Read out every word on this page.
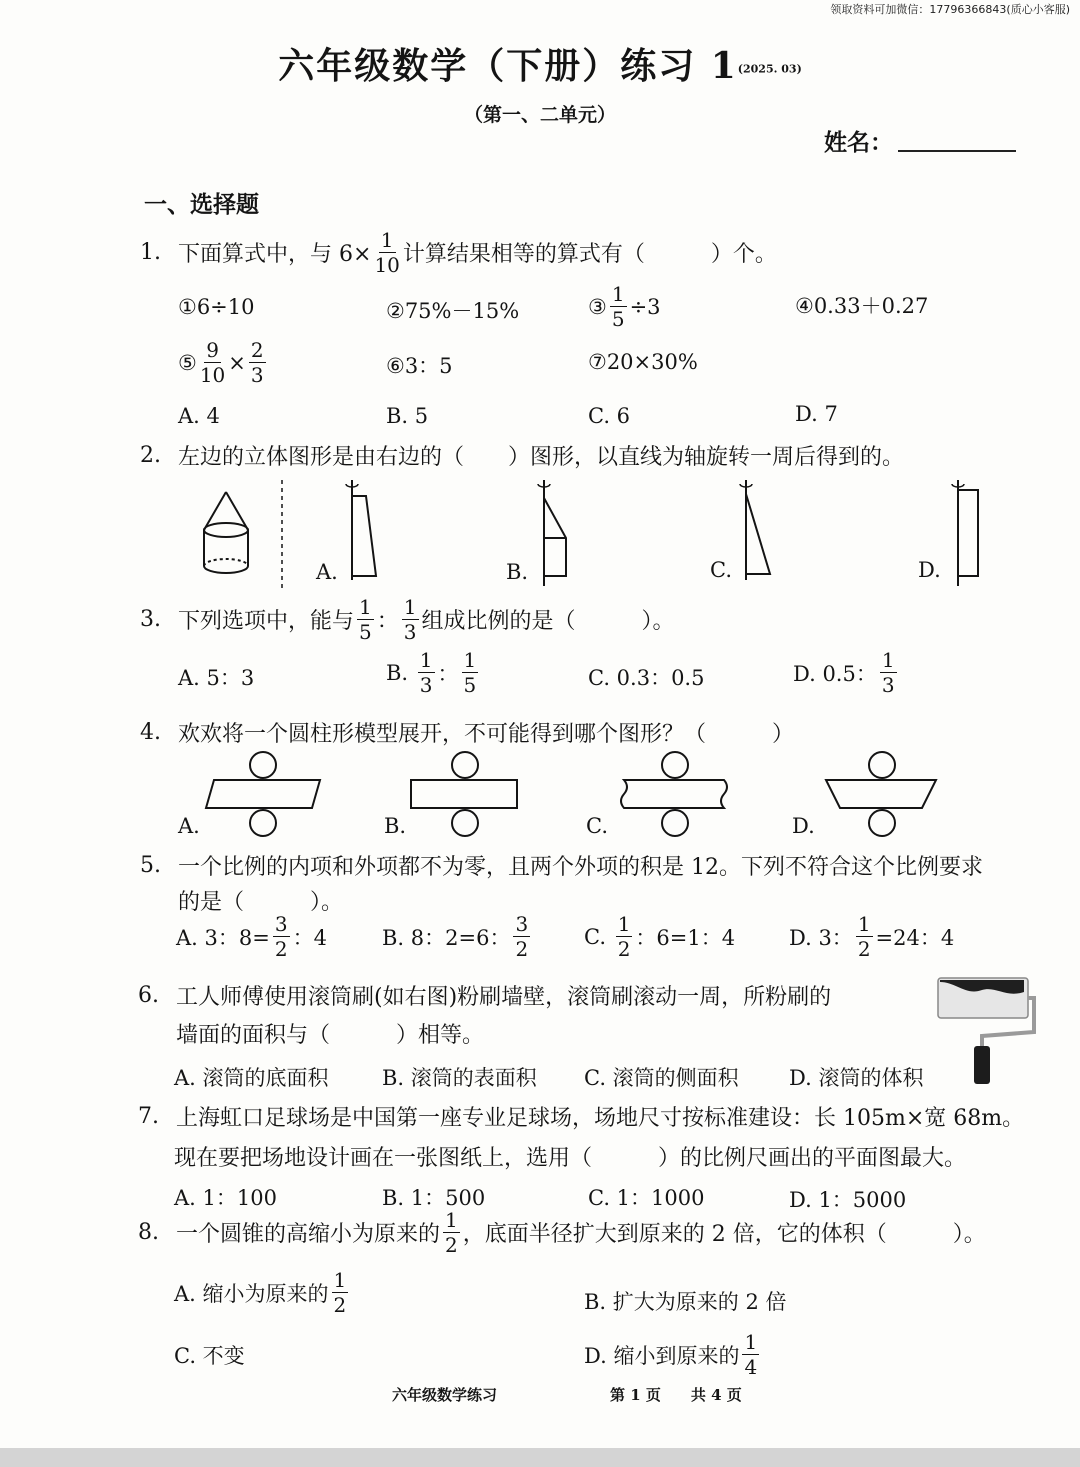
领取资料可加微信：17796366843(质心小客服)
六年级数学（下册）练习 1(2025. 03)
（第一、二单元）
姓名：
一、选择题
1. 下面算式中，与 $6\times \frac{1}{10}$ 计算结果相等的算式有（　　　）个。
①6÷10	②75%－15%	③ $\frac{1}{5} \div 3$	④0.33＋0.27
⑤ $\frac{9}{10} \times \frac{2}{3}$	⑥3：5	⑦20×30%
A. 4	B. 5	C. 6	D. 7
2. 左边的立体图形是由右边的（　　）图形，以直线为轴旋转一周后得到的。
A.	B.	C.	D.
3. 下列选项中，能与 $\frac{1}{5}$ ： $\frac{1}{3}$ 组成比例的是（　　　）。
A. 5：3	B.
$\frac{1}{3}$ ： $\frac{1}{5}$	C. 0.3：0.5	D. 0.5： $\frac{1}{3}$
4. 欢欢将一个圆柱形模型展开，不可能得到哪个图形？（　　　）
A.	B.	C.	D.
5. 一个比例的内项和外项都不为零，且两个外项的积是 12。下列不符合这个比例要求
的是（　　　）。
A. 3：$8= \frac{3}{2}$ ：4	B. 8：2=6： $\frac{3}{2}$	C.
$\frac{1}{2}$ ：6=1：4	D. 3： $\frac{1}{2} =24$：4
6. 工人师傅使用滚筒刷(如右图)粉刷墙壁，滚筒刷滚动一周，所粉刷的
墙面的面积与（　　　）相等。
A. 滚筒的底面积	B. 滚筒的表面积 C. 滚筒的侧面积 D. 滚筒的体积
7. 上海虹口足球场是中国第一座专业足球场，场地尺寸按标准建设：长 105m×宽 68m。
现在要把场地设计画在一张图纸上，选用（　　　）的比例尺画出的平面图最大。
A. 1：100	B. 1：500	C. 1：1000	D. 1：5000
8. 一个圆锥的高缩小为原来的 $\frac{1}{2}$ ，底面半径扩大到原来的 2 倍，它的体积（　　　）。
A. 缩小为原来的 $\frac{1}{2}$	B. 扩大为原来的 2 倍
C. 不变	D. 缩小到原来的 $\frac{1}{4}$
六年级数学练习	第 1 页　　共 4 页
